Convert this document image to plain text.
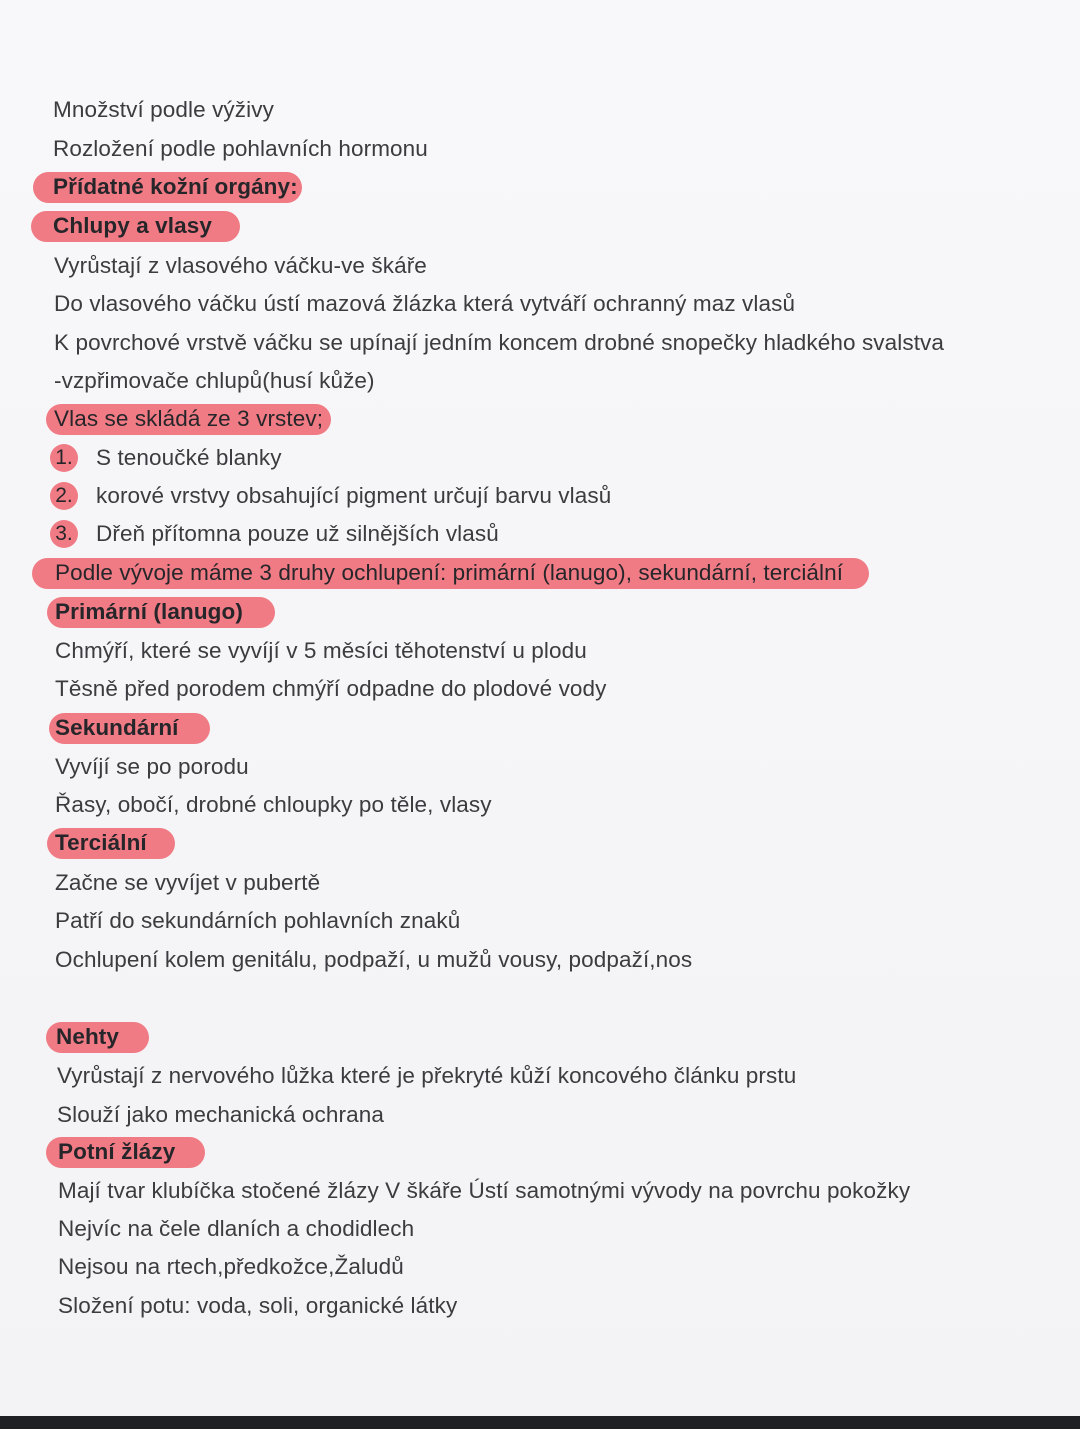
Množství podle výživy
Rozložení podle pohlavních hormonu
Přídatné kožní orgány:
Chlupy a vlasy
Vyrůstají z vlasového váčku-ve škáře
Do vlasového váčku ústí mazová žlázka která vytváří ochranný maz vlasů
K povrchové vrstvě váčku se upínají jedním koncem drobné snopečky hladkého svalstva
-vzpřimovače chlupů(husí kůže)
Vlas se skládá ze 3 vrstev;
1. S tenoučké blanky
2. korové vrstvy obsahující pigment určují barvu vlasů
3. Dřeň přítomna pouze už silnějších vlasů
Podle vývoje máme 3 druhy ochlupení: primární (lanugo), sekundární, terciální
Primární (lanugo)
Chmýří, které se vyvíjí v 5 měsíci těhotenství u plodu
Těsně před porodem chmýří odpadne do plodové vody
Sekundární
Vyvíjí se po porodu
Řasy, obočí, drobné chloupky po těle, vlasy
Terciální
Začne se vyvíjet v pubertě
Patří do sekundárních pohlavních znaků
Ochlupení kolem genitálu, podpaží, u mužů vousy, podpaží,nos
Nehty
Vyrůstají z nervového lůžka které je překryté kůží koncového článku prstu
Slouží jako mechanická ochrana
Potní žlázy
Mají tvar klubíčka stočené žlázy V škáře Ústí samotnými vývody na povrchu pokožky
Nejvíc na čele dlaních a chodidlech
Nejsou na rtech,předkožce,Žaludů
Složení potu: voda, soli, organické látky
